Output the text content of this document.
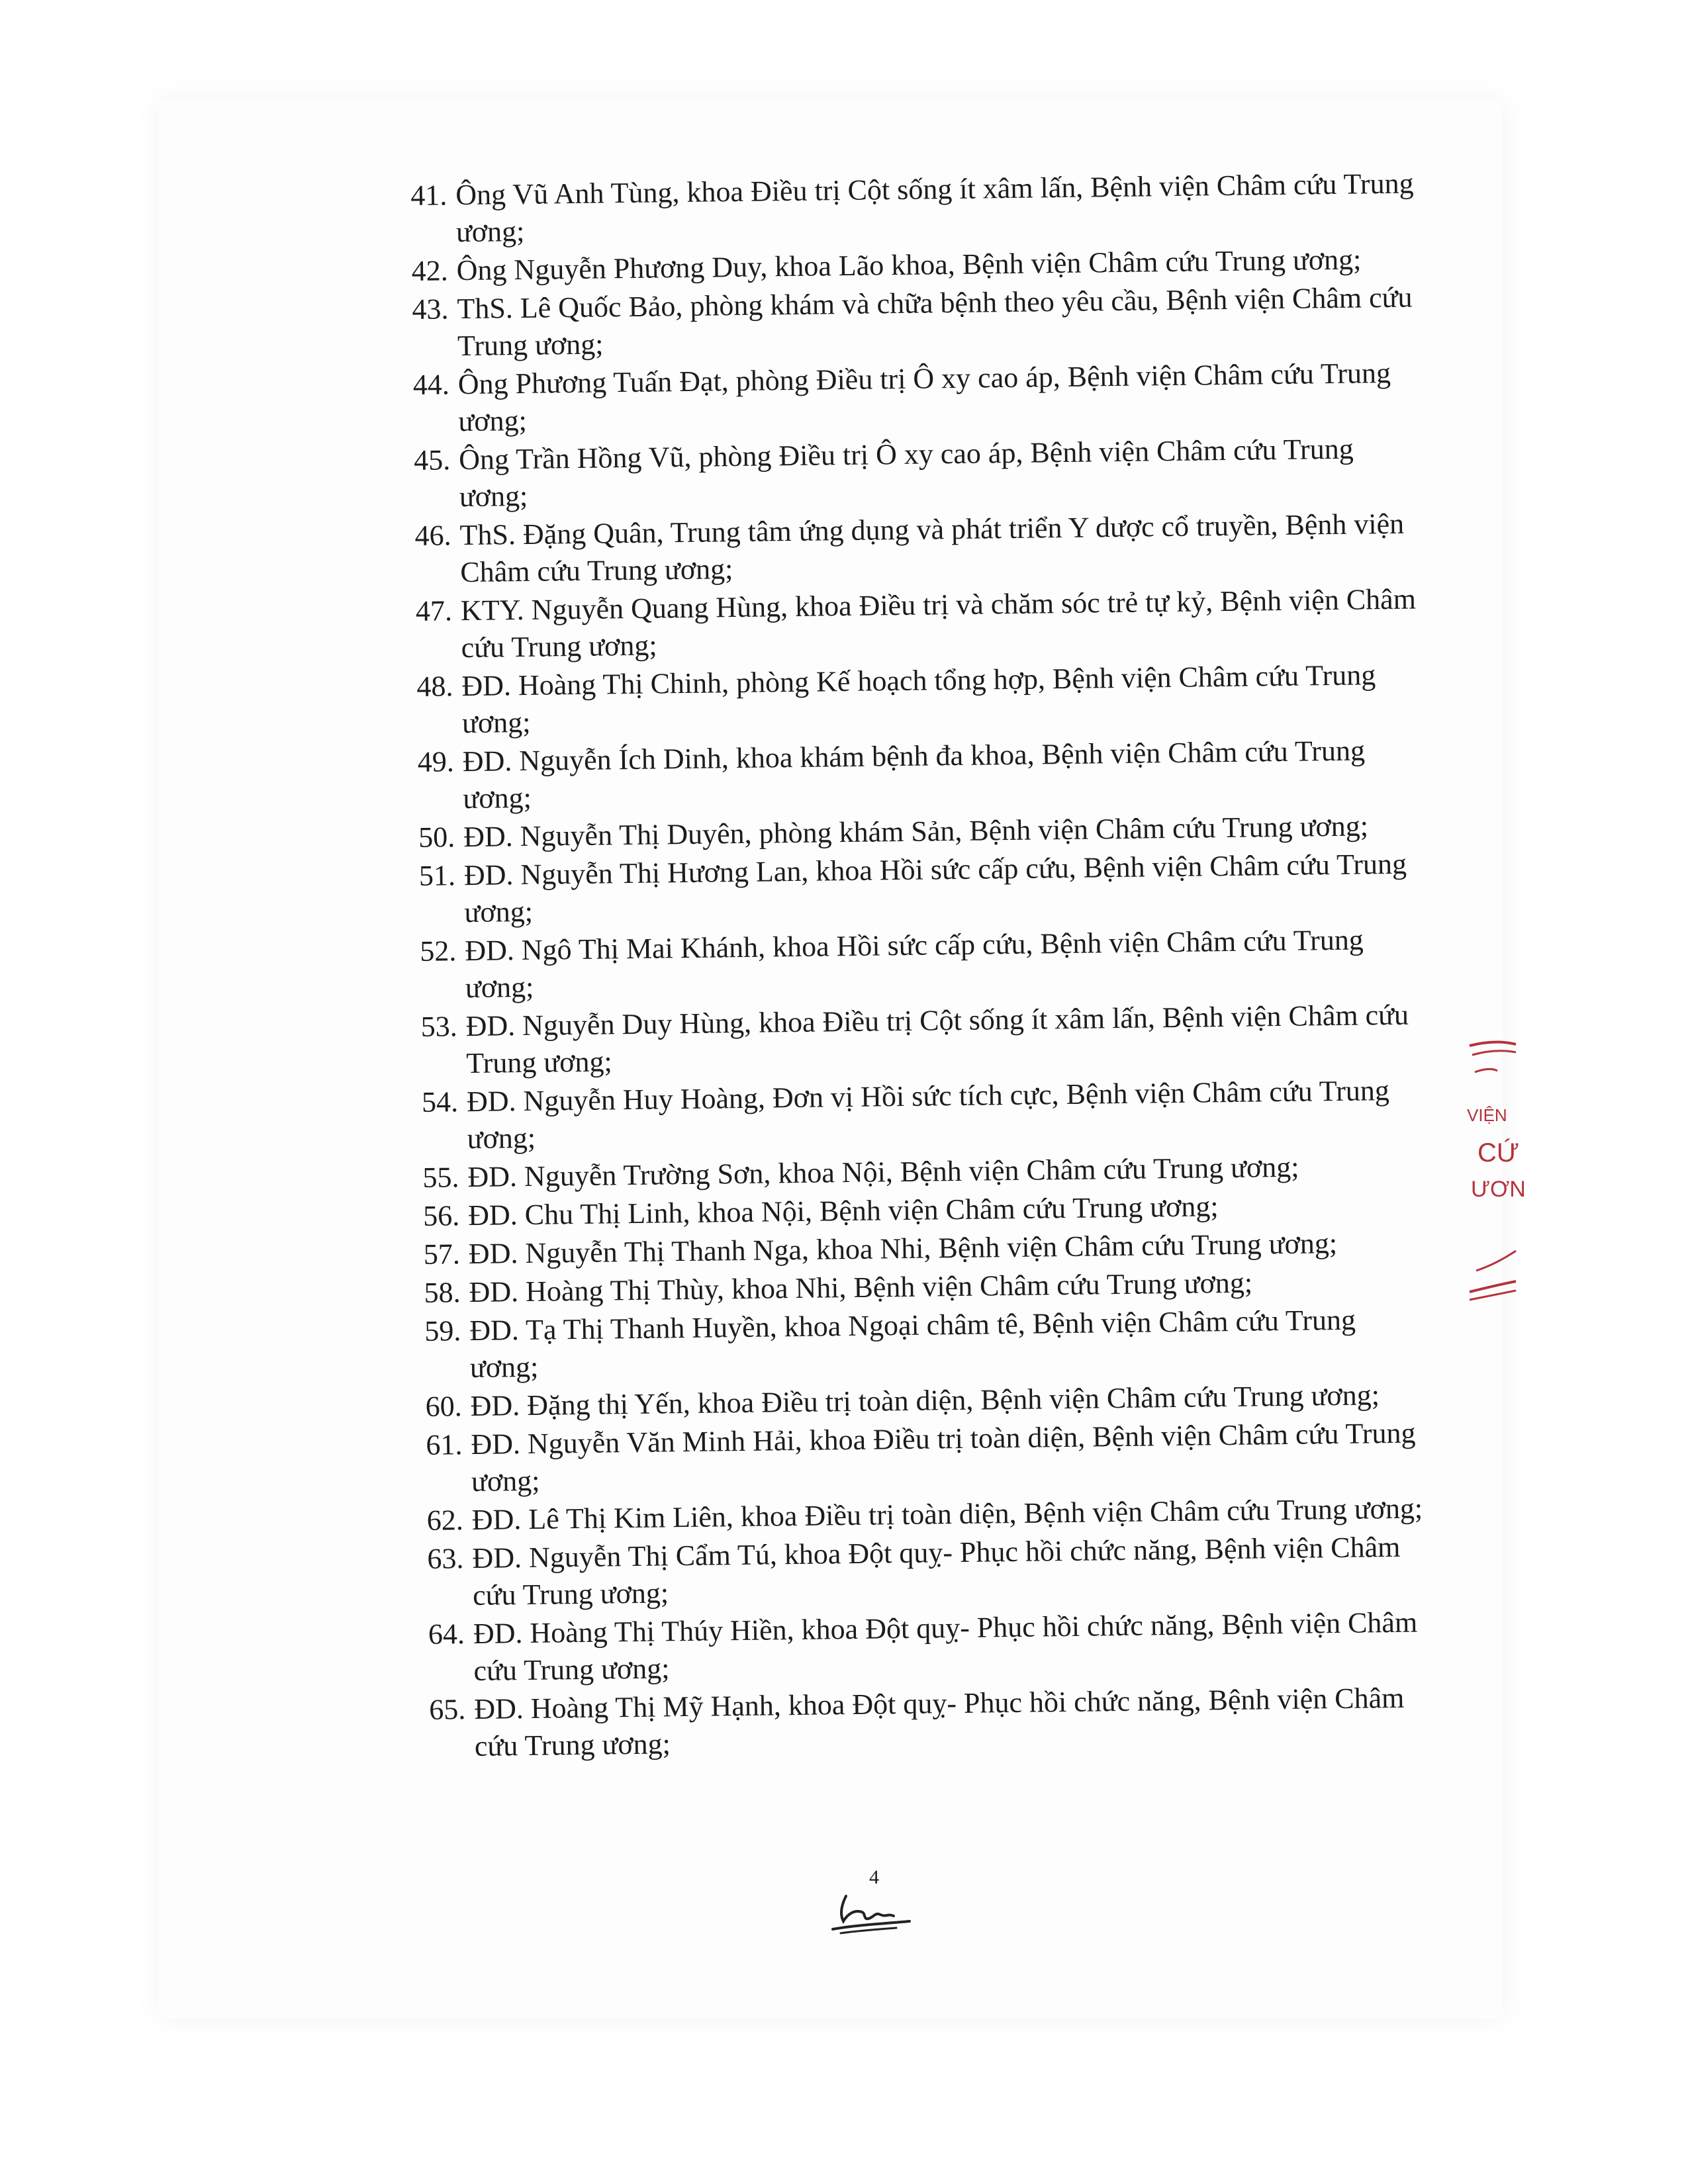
41. Ông Vũ Anh Tùng, khoa Điều trị Cột sống ít xâm lấn, Bệnh viện Châm cứu Trung ương;
42. Ông Nguyễn Phương Duy, khoa Lão khoa, Bệnh viện Châm cứu Trung ương;
43. ThS. Lê Quốc Bảo, phòng khám và chữa bệnh theo yêu cầu, Bệnh viện Châm cứu Trung ương;
44. Ông Phương Tuấn Đạt, phòng Điều trị Ô xy cao áp, Bệnh viện Châm cứu Trung ương;
45. Ông Trần Hồng Vũ, phòng Điều trị Ô xy cao áp, Bệnh viện Châm cứu Trung ương;
46. ThS. Đặng Quân, Trung tâm ứng dụng và phát triển Y dược cổ truyền, Bệnh viện Châm cứu Trung ương;
47. KTY. Nguyễn Quang Hùng, khoa Điều trị và chăm sóc trẻ tự kỷ, Bệnh viện Châm cứu Trung ương;
48. ĐD. Hoàng Thị Chinh, phòng Kế hoạch tổng hợp, Bệnh viện Châm cứu Trung ương;
49. ĐD. Nguyễn Ích Dinh, khoa khám bệnh đa khoa, Bệnh viện Châm cứu Trung ương;
50. ĐD. Nguyễn Thị Duyên, phòng khám Sản, Bệnh viện Châm cứu Trung ương;
51. ĐD. Nguyễn Thị Hương Lan, khoa Hồi sức cấp cứu, Bệnh viện Châm cứu Trung ương;
52. ĐD. Ngô Thị Mai Khánh, khoa Hồi sức cấp cứu, Bệnh viện Châm cứu Trung ương;
53. ĐD. Nguyễn Duy Hùng, khoa Điều trị Cột sống ít xâm lấn, Bệnh viện Châm cứu Trung ương;
54. ĐD. Nguyễn Huy Hoàng, Đơn vị Hồi sức tích cực, Bệnh viện Châm cứu Trung ương;
55. ĐD. Nguyễn Trường Sơn, khoa Nội, Bệnh viện Châm cứu Trung ương;
56. ĐD. Chu Thị Linh, khoa Nội, Bệnh viện Châm cứu Trung ương;
57. ĐD. Nguyễn Thị Thanh Nga, khoa Nhi, Bệnh viện Châm cứu Trung ương;
58. ĐD. Hoàng Thị Thùy, khoa Nhi, Bệnh viện Châm cứu Trung ương;
59. ĐD. Tạ Thị Thanh Huyền, khoa Ngoại châm tê, Bệnh viện Châm cứu Trung ương;
60. ĐD. Đặng thị Yến, khoa Điều trị toàn diện, Bệnh viện Châm cứu Trung ương;
61. ĐD. Nguyễn Văn Minh Hải, khoa Điều trị toàn diện, Bệnh viện Châm cứu Trung ương;
62. ĐD. Lê Thị Kim Liên, khoa Điều trị toàn diện, Bệnh viện Châm cứu Trung ương;
63. ĐD. Nguyễn Thị Cẩm Tú, khoa Đột quỵ- Phục hồi chức năng, Bệnh viện Châm cứu Trung ương;
64. ĐD. Hoàng Thị Thúy Hiền, khoa Đột quỵ- Phục hồi chức năng, Bệnh viện Châm cứu Trung ương;
65. ĐD. Hoàng Thị Mỹ Hạnh, khoa Đột quỵ- Phục hồi chức năng, Bệnh viện Châm cứu Trung ương;
4
VIỆN
CỨ
ƯƠN
